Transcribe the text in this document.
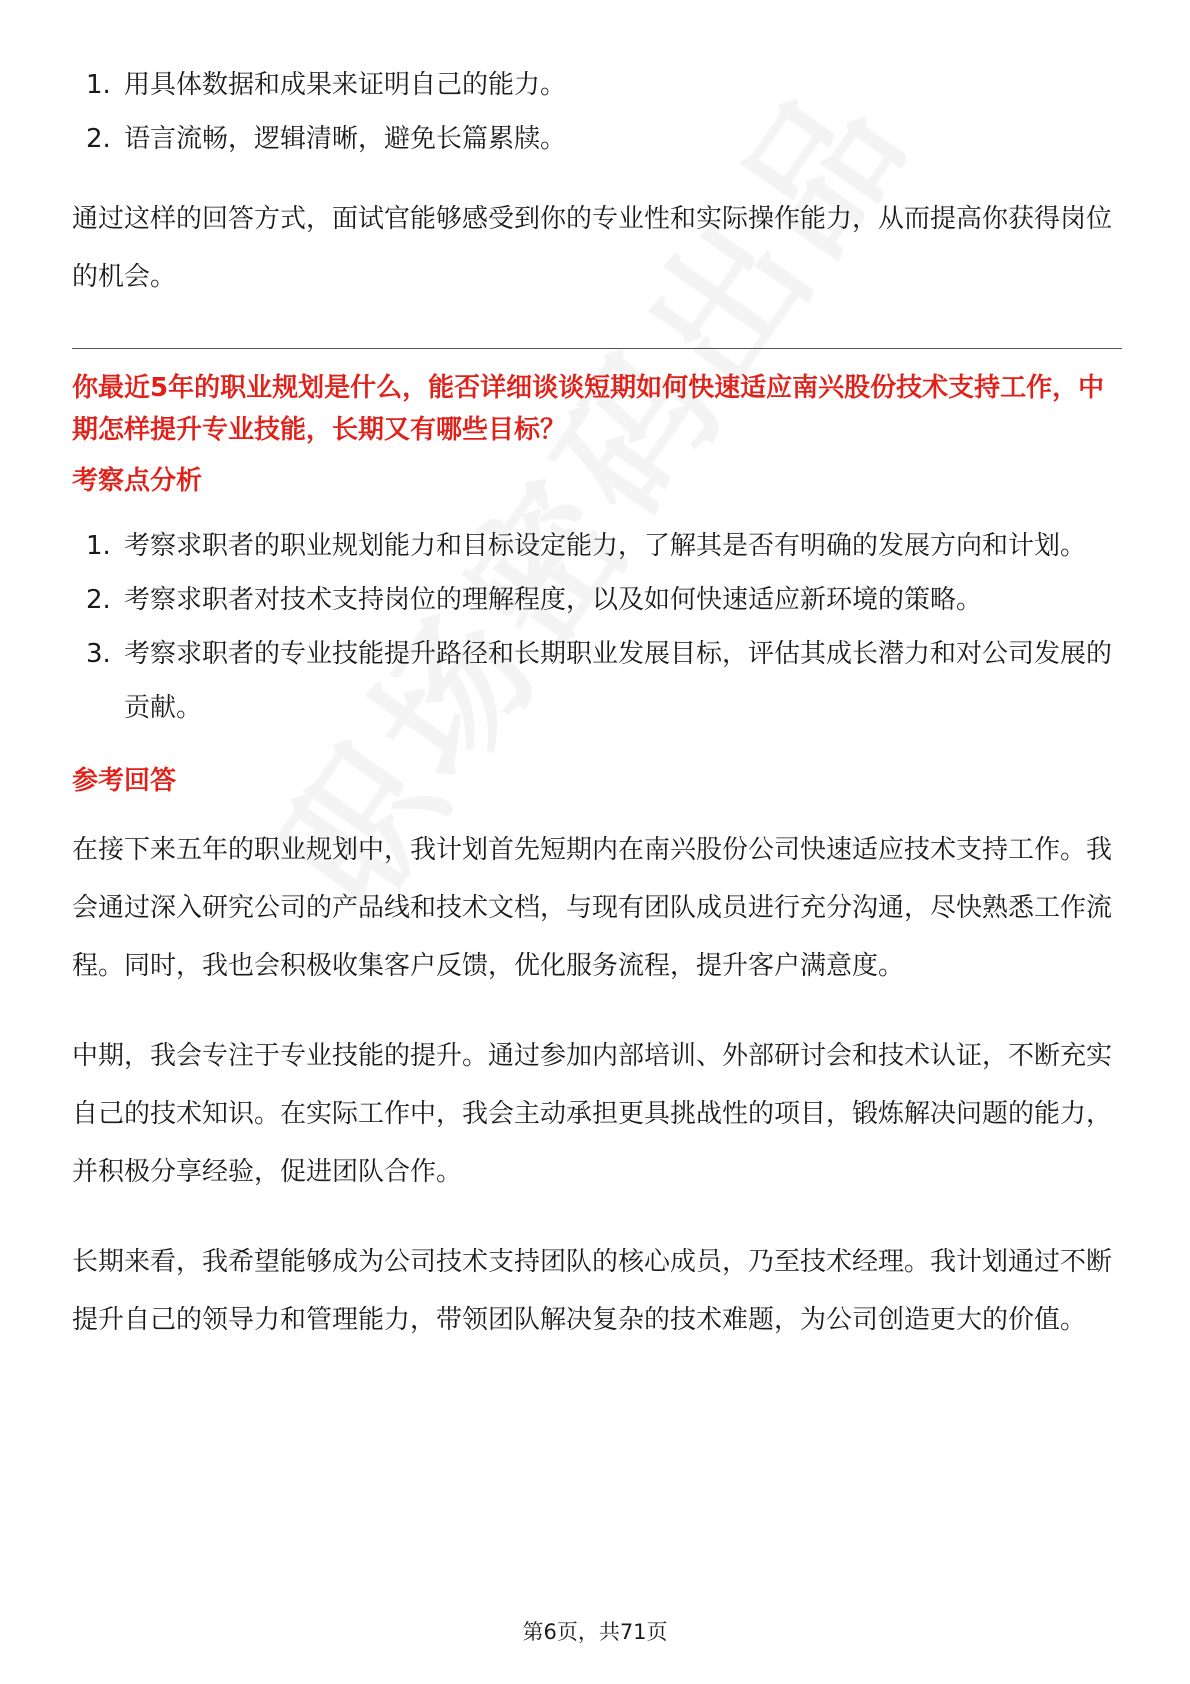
1. 用具体数据和成果来证明自己的能力。
2. 语言流畅，逻辑清晰，避免长篇累牍。

通过这样的回答方式，面试官能够感受到你的专业性和实际操作能力，从而提高你获得岗位的机会。

你最近5年的职业规划是什么，能否详细谈谈短期如何快速适应南兴股份技术支持工作，中期怎样提升专业技能，长期又有哪些目标？
考察点分析
1. 考察求职者的职业规划能力和目标设定能力，了解其是否有明确的发展方向和计划。
2. 考察求职者对技术支持岗位的理解程度，以及如何快速适应新环境的策略。
3. 考察求职者的专业技能提升路径和长期职业发展目标，评估其成长潜力和对公司发展的贡献。
参考回答

在接下来五年的职业规划中，我计划首先短期内在南兴股份公司快速适应技术支持工作。我会通过深入研究公司的产品线和技术文档，与现有团队成员进行充分沟通，尽快熟悉工作流程。同时，我也会积极收集客户反馈，优化服务流程，提升客户满意度。

中期，我会专注于专业技能的提升。通过参加内部培训、外部研讨会和技术认证，不断充实自己的技术知识。在实际工作中，我会主动承担更具挑战性的项目，锻炼解决问题的能力，并积极分享经验，促进团队合作。

长期来看，我希望能够成为公司技术支持团队的核心成员，乃至技术经理。我计划通过不断提升自己的领导力和管理能力，带领团队解决复杂的技术难题，为公司创造更大的价值。

第6页，共71页
